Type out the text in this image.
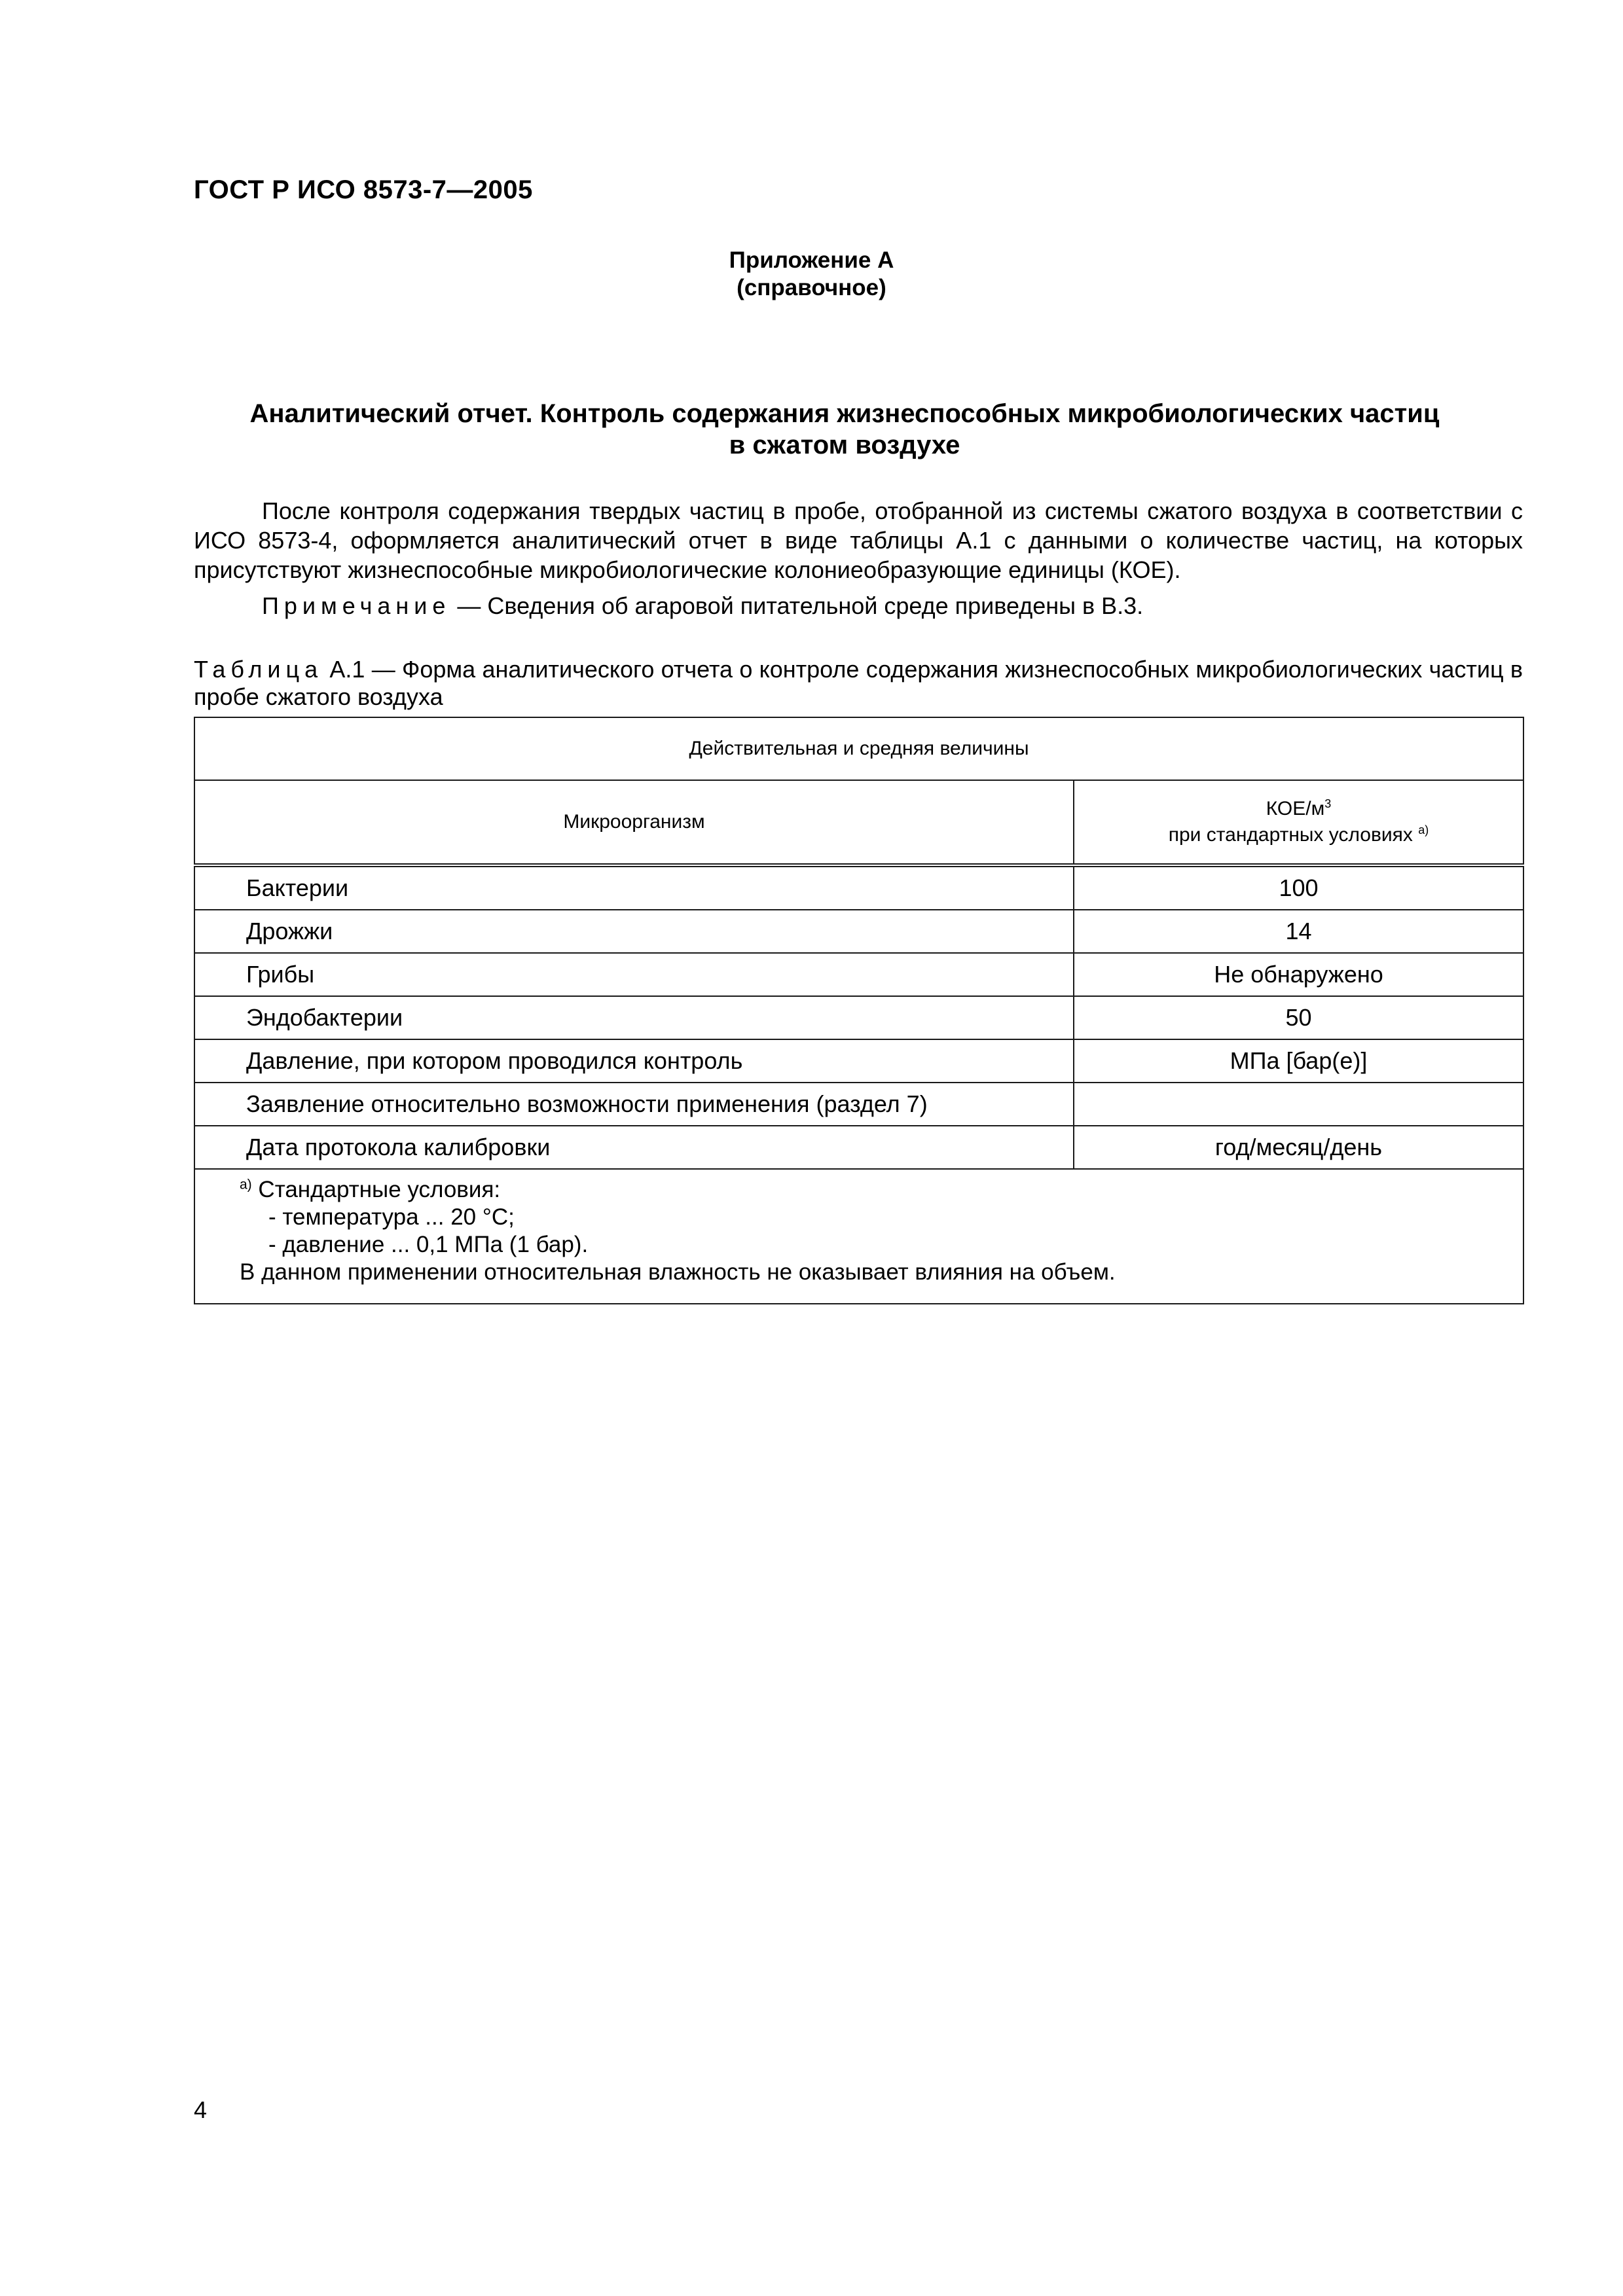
ГОСТ Р ИСО 8573-7—2005
Приложение А
(справочное)
Аналитический отчет. Контроль содержания жизнеспособных микробиологических частиц
в сжатом воздухе
После контроля содержания твердых частиц в пробе, отобранной из системы сжатого воздуха в соответствии с ИСО 8573-4, оформляется аналитический отчет в виде таблицы А.1 с данными о количестве частиц, на которых присутствуют жизнеспособные микробиологические колониеобразующие единицы (КОЕ).
Примечание — Сведения об агаровой питательной среде приведены в В.3.
Таблица А.1 — Форма аналитического отчета о контроле содержания жизнеспособных микробиологических частиц в пробе сжатого воздуха
Действительная и средняя величины	
Микроорганизм	КОЕ/$м^3$
при стандартных условиях $^{а)}$

Бактерии	100
Дрожжи	14
Грибы	Не обнаружено
Эндобактерии	50
Давление, при котором проводился контроль	МПа [бар(е)]
Заявление относительно возможности применения (раздел 7)	
Дата протокола калибровки	год/месяц/день

$^{а)}$ Стандартные условия:
- температура ... 20 °С;
- давление ... 0,1 МПа (1 бар).
В данном применении относительная влажность не оказывает влияния на объем.	
4
